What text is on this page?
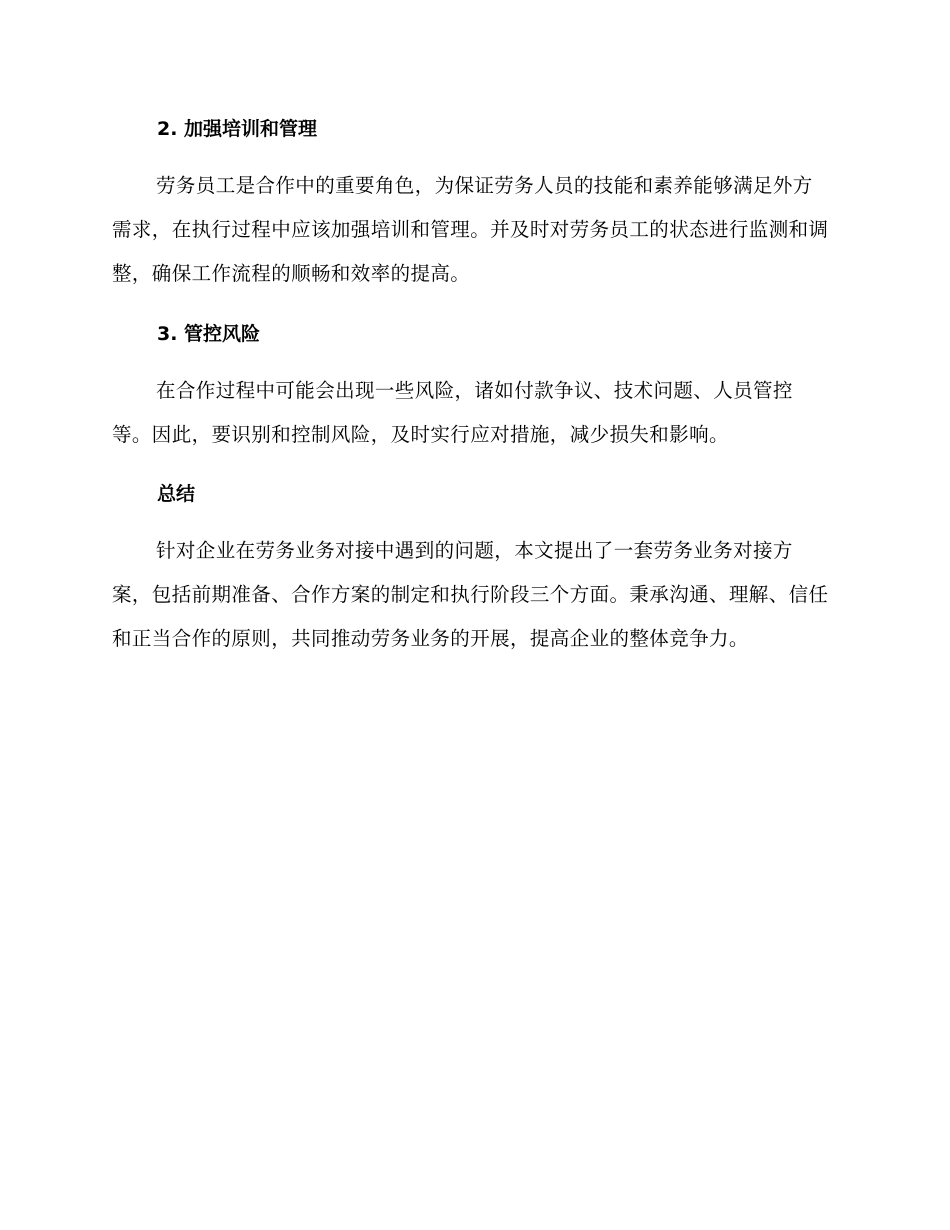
2. 加强培训和管理
劳务员工是合作中的重要角色，为保证劳务人员的技能和素养能够满足外方需求，在执行过程中应该加强培训和管理。并及时对劳务员工的状态进行监测和调整，确保工作流程的顺畅和效率的提高。
3. 管控风险
在合作过程中可能会出现一些风险，诸如付款争议、技术问题、人员管控等。因此，要识别和控制风险，及时实行应对措施，减少损失和影响。
总结
针对企业在劳务业务对接中遇到的问题，本文提出了一套劳务业务对接方案，包括前期准备、合作方案的制定和执行阶段三个方面。秉承沟通、理解、信任和正当合作的原则，共同推动劳务业务的开展，提高企业的整体竞争力。
